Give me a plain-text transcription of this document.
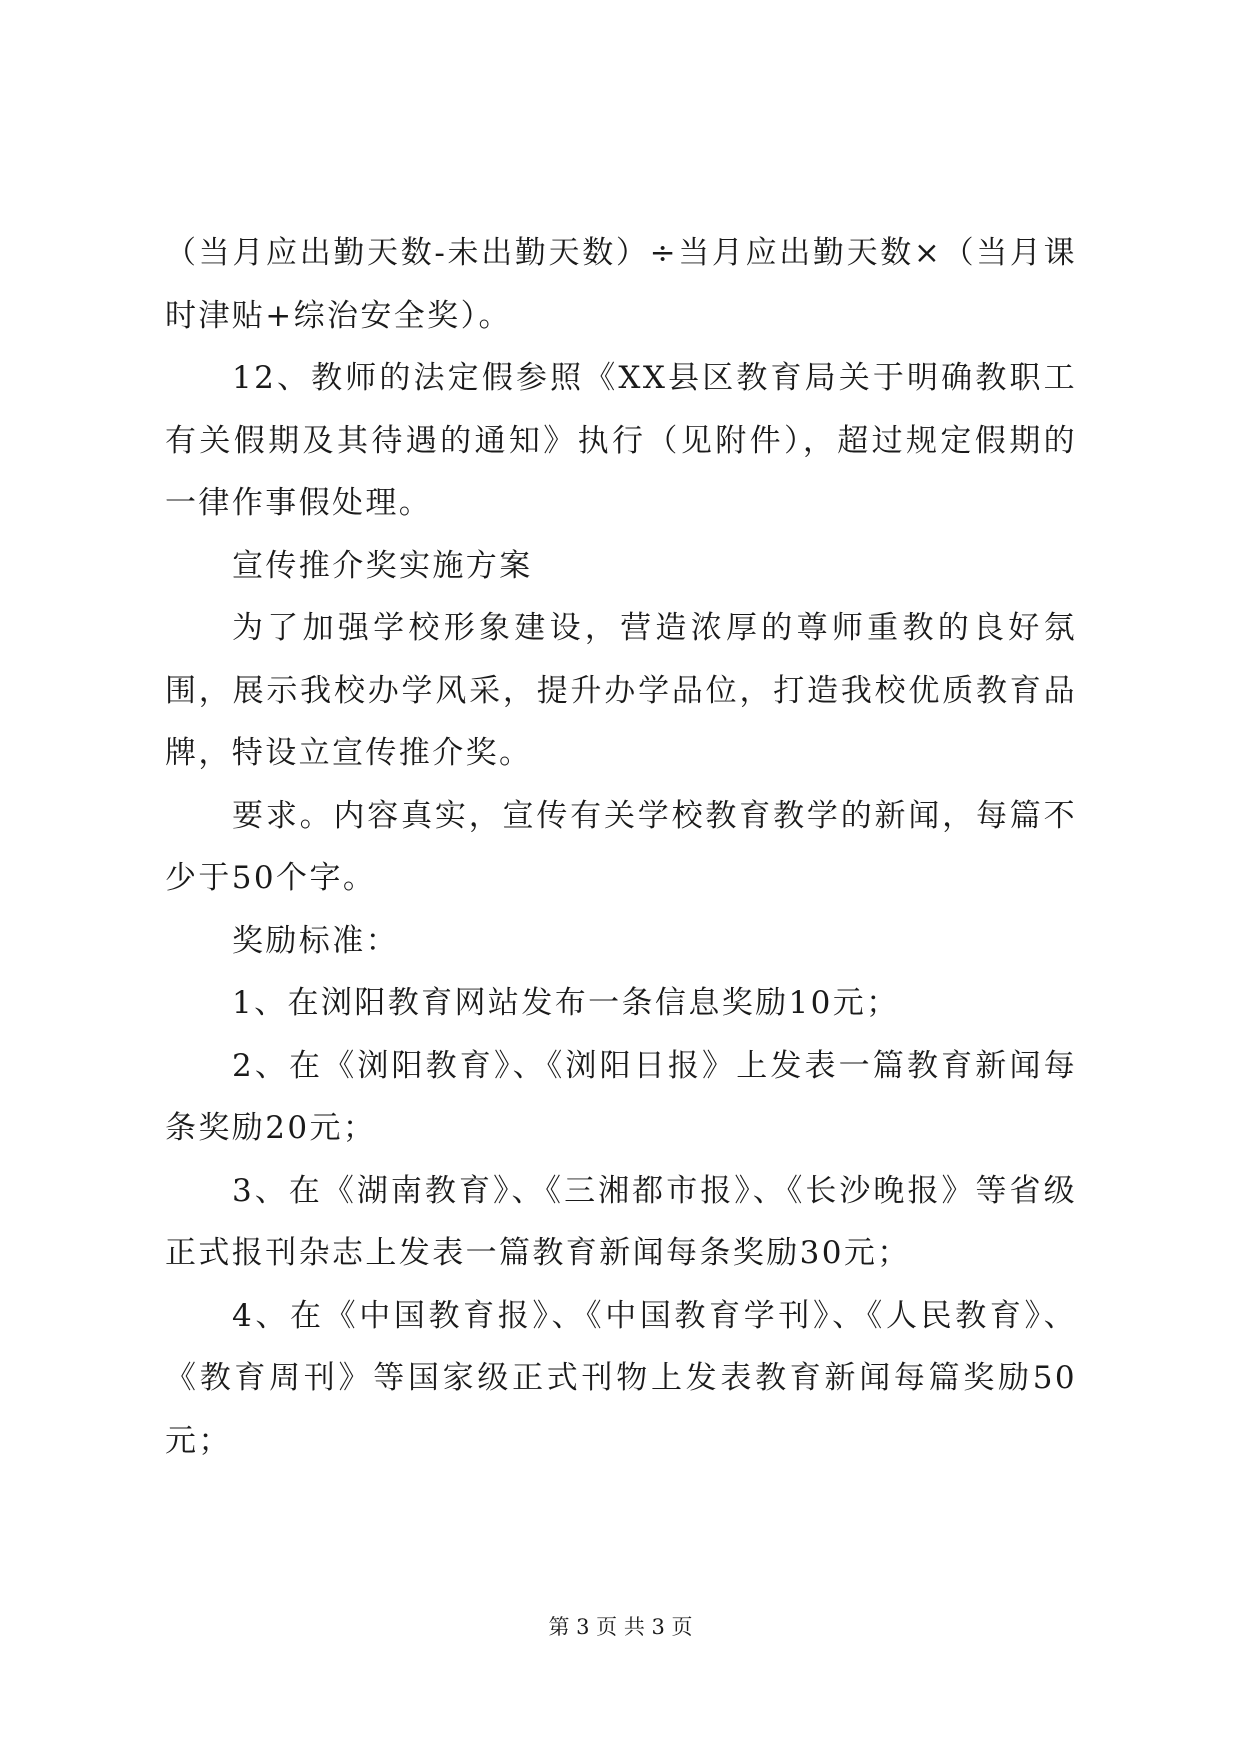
（当月应出勤天数-未出勤天数）÷当月应出勤天数×（当月课时津贴+综治安全奖）。

12、教师的法定假参照《XX县区教育局关于明确教职工有关假期及其待遇的通知》执行（见附件），超过规定假期的一律作事假处理。

宣传推介奖实施方案

为了加强学校形象建设，营造浓厚的尊师重教的良好氛围，展示我校办学风采，提升办学品位，打造我校优质教育品牌，特设立宣传推介奖。

要求。内容真实，宣传有关学校教育教学的新闻，每篇不少于50个字。

奖励标准：

1、在浏阳教育网站发布一条信息奖励10元；

2、在《浏阳教育》、《浏阳日报》上发表一篇教育新闻每条奖励20元；

3、在《湖南教育》、《三湘都市报》、《长沙晚报》等省级正式报刊杂志上发表一篇教育新闻每条奖励30元；

4、在《中国教育报》、《中国教育学刊》、《人民教育》、《教育周刊》等国家级正式刊物上发表教育新闻每篇奖励50元；

第 3 页 共 3 页
